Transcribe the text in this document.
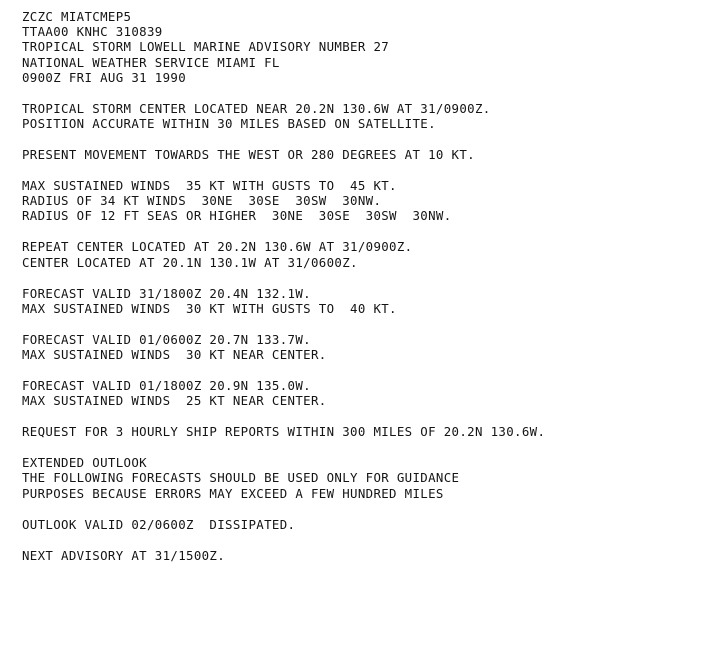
ZCZC MIATCMEP5
TTAA00 KNHC 310839
TROPICAL STORM LOWELL MARINE ADVISORY NUMBER 27
NATIONAL WEATHER SERVICE MIAMI FL
0900Z FRI AUG 31 1990
TROPICAL STORM CENTER LOCATED NEAR 20.2N 130.6W AT 31/0900Z.
POSITION ACCURATE WITHIN 30 MILES BASED ON SATELLITE.
PRESENT MOVEMENT TOWARDS THE WEST OR 280 DEGREES AT 10 KT.
MAX SUSTAINED WINDS  35 KT WITH GUSTS TO  45 KT.
RADIUS OF 34 KT WINDS  30NE  30SE  30SW  30NW.
RADIUS OF 12 FT SEAS OR HIGHER  30NE  30SE  30SW  30NW.
REPEAT CENTER LOCATED AT 20.2N 130.6W AT 31/0900Z.
CENTER LOCATED AT 20.1N 130.1W AT 31/0600Z.
FORECAST VALID 31/1800Z 20.4N 132.1W.
MAX SUSTAINED WINDS  30 KT WITH GUSTS TO  40 KT.
FORECAST VALID 01/0600Z 20.7N 133.7W.
MAX SUSTAINED WINDS  30 KT NEAR CENTER.
FORECAST VALID 01/1800Z 20.9N 135.0W.
MAX SUSTAINED WINDS  25 KT NEAR CENTER.
REQUEST FOR 3 HOURLY SHIP REPORTS WITHIN 300 MILES OF 20.2N 130.6W.
EXTENDED OUTLOOK
THE FOLLOWING FORECASTS SHOULD BE USED ONLY FOR GUIDANCE
PURPOSES BECAUSE ERRORS MAY EXCEED A FEW HUNDRED MILES
OUTLOOK VALID 02/0600Z  DISSIPATED.
NEXT ADVISORY AT 31/1500Z.
